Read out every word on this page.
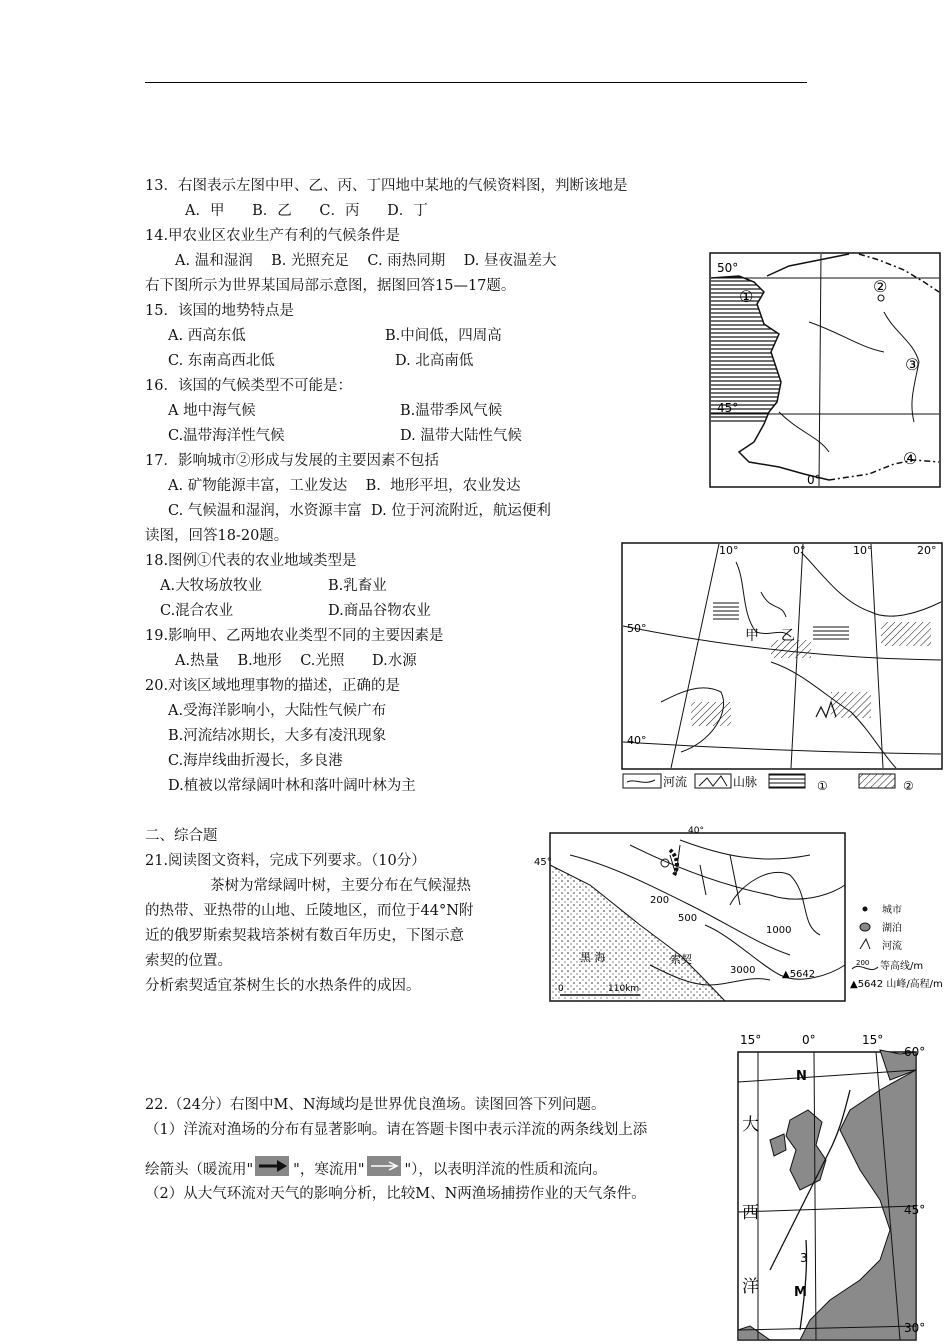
13．右图表示左图中甲、乙、丙、丁四地中某地的气候资料图，判断该地是
A．甲      B．乙      C．丙      D．丁
14.甲农业区农业生产有利的气候条件是
A. 温和湿润    B. 光照充足    C. 雨热同期    D. 昼夜温差大
右下图所示为世界某国局部示意图，据图回答15—17题。
15．该国的地势特点是
A. 西高东低	B.中间低，四周高
C. 东南高西北低	D. 北高南低
16．该国的气候类型不可能是：
A 地中海气候	B.温带季风气候
C.温带海洋性气候	D. 温带大陆性气候
17．影响城市②形成与发展的主要因素不包括
A. 矿物能源丰富，工业发达    B.  地形平坦，农业发达
C. 气候温和湿润，水资源丰富  D. 位于河流附近，航运便利
读图，回答18-20题。
18.图例①代表的农业地域类型是
A.大牧场放牧业	B.乳畜业
C.混合农业	D.商品谷物农业
19.影响甲、乙两地农业类型不同的主要因素是
A.热量    B.地形    C.光照      D.水源
20.对该区域地理事物的描述，正确的是
A.受海洋影响小，大陆性气候广布
B.河流结冰期长，大多有凌汛现象
C.海岸线曲折漫长，多良港
D.植被以常绿阔叶林和落叶阔叶林为主
二、综合题
21.阅读图文资料，完成下列要求。（10分）
茶树为常绿阔叶树，主要分布在气候湿热
的热带、亚热带的山地、丘陵地区，而位于44°N附
近的俄罗斯索契栽培茶树有数百年历史，下图示意
索契的位置。
分析索契适宜茶树生长的水热条件的成因。
22.（24分）右图中M、N海域均是世界优良渔场。读图回答下列问题。
（1）洋流对渔场的分布有显著影响。请在答题卡图中表示洋流的两条线划上添
绘箭头（暖流用"	"，寒流用"	"），以表明洋流的性质和流向。
（2）从大气环流对天气的影响分析，比较M、N两渔场捕捞作业的天气条件。
50°
45°
0°
①
②
③
④
10°	0°	10°	20°
50°
40°
甲 乙
河流	山脉	①	②
45°
40°
0	110km
黑 海	索契
200
500
1000
3000	▲5642
城市
湖泊
河流
200 等高线/m
▲5642 山峰/高程/m
15°	0°	15°
60°
45°
30°
大
西
洋
N
M
3
